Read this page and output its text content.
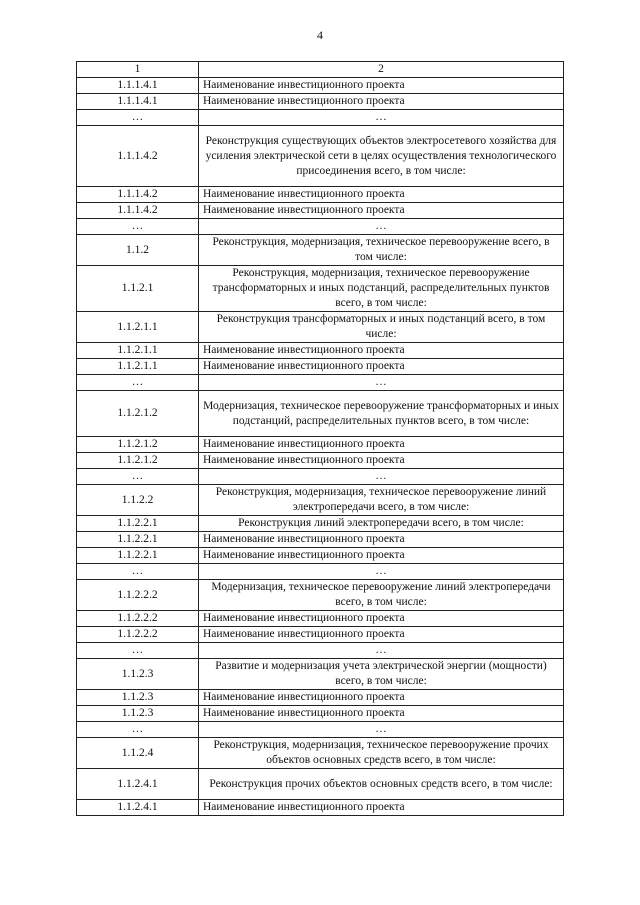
4
1	2
1.1.1.4.1	Наименование инвестиционного проекта
1.1.1.4.1	Наименование инвестиционного проекта
…	…
1.1.1.4.2	Реконструкция существующих объектов электросетевого хозяйства для усиления электрической сети в целях осуществления технологического присоединения всего, в том числе:
1.1.1.4.2	Наименование инвестиционного проекта
1.1.1.4.2	Наименование инвестиционного проекта
…	…
1.1.2	Реконструкция, модернизация, техническое перевооружение всего, в том числе:
1.1.2.1	Реконструкция, модернизация, техническое перевооружение трансформаторных и иных подстанций, распределительных пунктов всего, в том числе:
1.1.2.1.1	Реконструкция трансформаторных и иных подстанций всего, в том числе:
1.1.2.1.1	Наименование инвестиционного проекта
1.1.2.1.1	Наименование инвестиционного проекта
…	…
1.1.2.1.2	Модернизация, техническое перевооружение трансформаторных и иных подстанций, распределительных пунктов всего, в том числе:
1.1.2.1.2	Наименование инвестиционного проекта
1.1.2.1.2	Наименование инвестиционного проекта
…	…
1.1.2.2	Реконструкция, модернизация, техническое перевооружение линий электропередачи всего, в том числе:
1.1.2.2.1	Реконструкция линий электропередачи всего, в том числе:
1.1.2.2.1	Наименование инвестиционного проекта
1.1.2.2.1	Наименование инвестиционного проекта
…	…
1.1.2.2.2	Модернизация, техническое перевооружение линий электропередачи всего, в том числе:
1.1.2.2.2	Наименование инвестиционного проекта
1.1.2.2.2	Наименование инвестиционного проекта
…	…
1.1.2.3	Развитие и модернизация учета электрической энергии (мощности) всего, в том числе:
1.1.2.3	Наименование инвестиционного проекта
1.1.2.3	Наименование инвестиционного проекта
…	…
1.1.2.4	Реконструкция, модернизация, техническое перевооружение прочих объектов основных средств всего, в том числе:
1.1.2.4.1	Реконструкция прочих объектов основных средств всего, в том числе:
1.1.2.4.1	Наименование инвестиционного проекта
